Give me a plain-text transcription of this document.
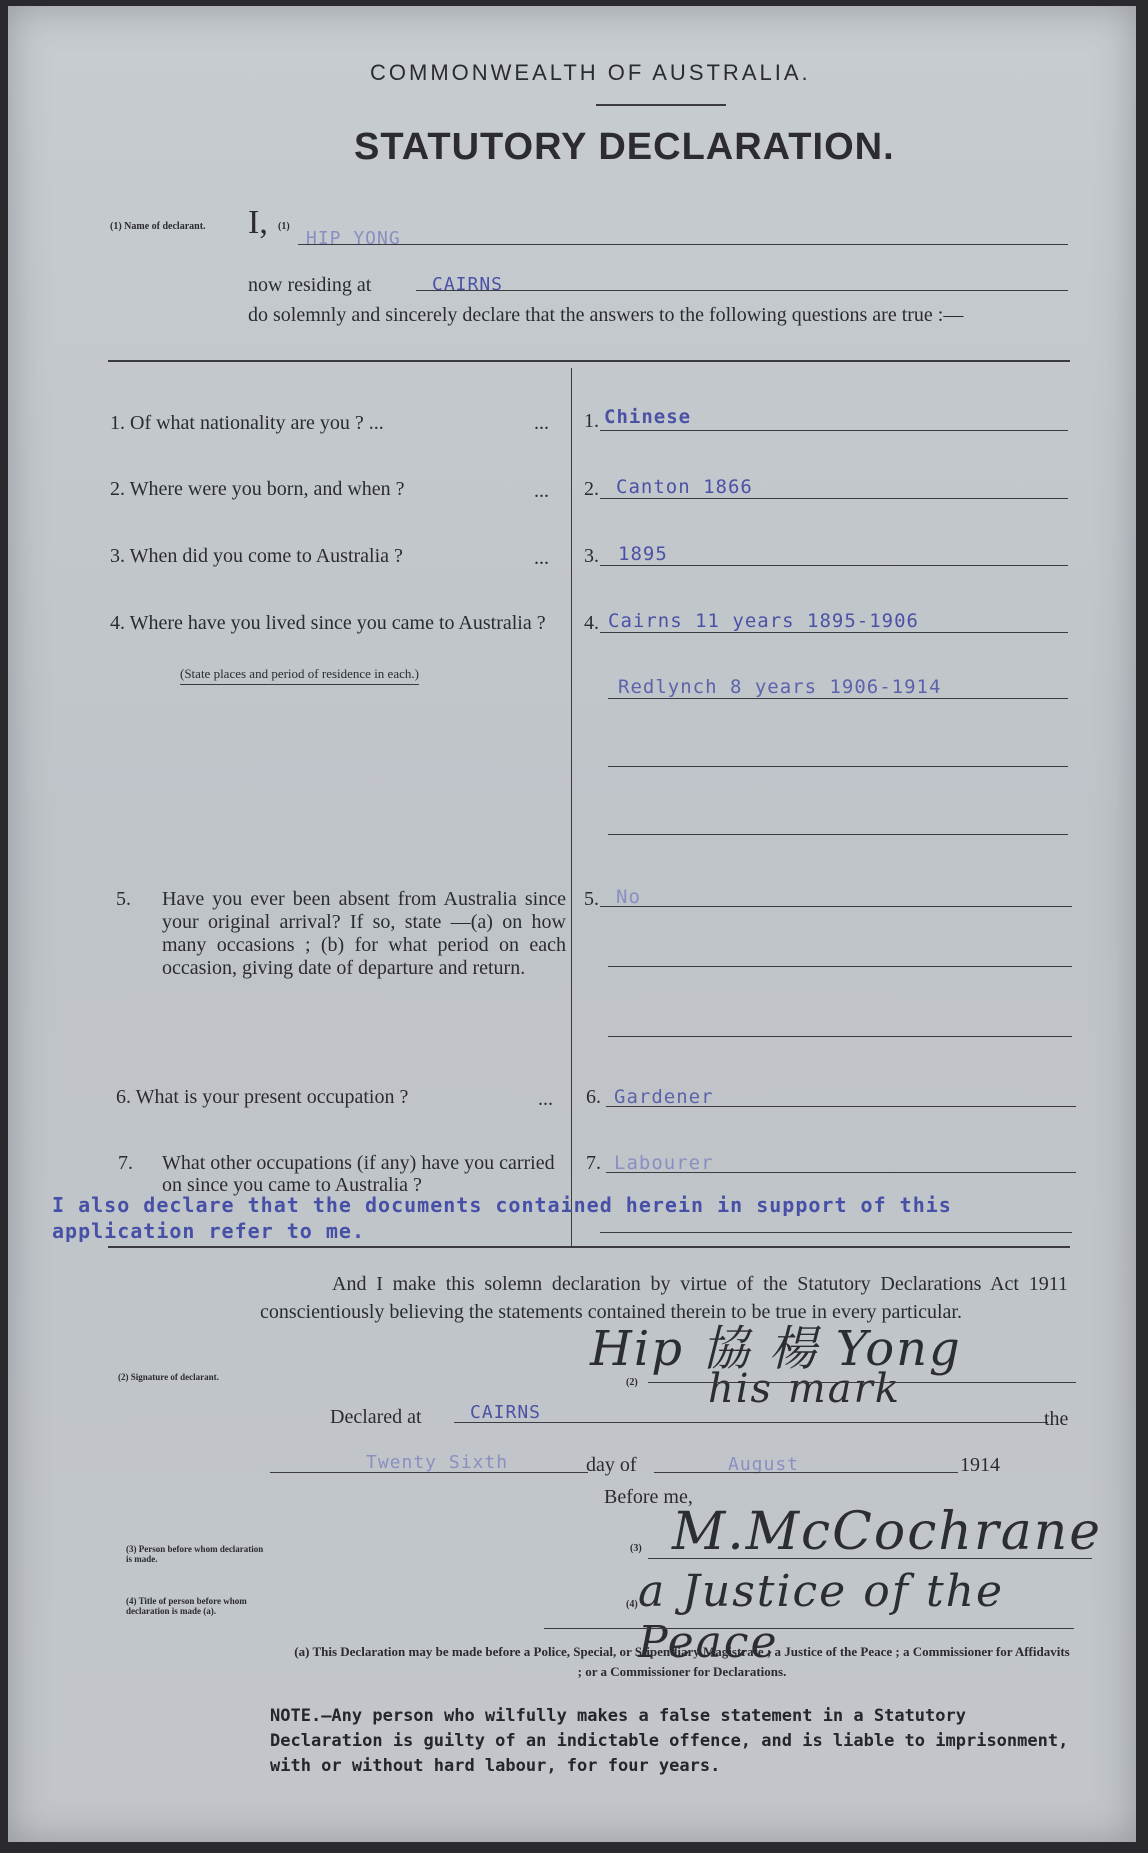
COMMONWEALTH OF AUSTRALIA.
STATUTORY DECLARATION.
(1) Name of declarant. I, (1)
HIP YONG
now residing at	CAIRNS
do solemnly and sincerely declare that the answers to the following questions are true :—
1. Of what nationality are you ? ...	... 1. Chinese
2. Where were you born, and when ?	... 2. Canton 1866
3. When did you come to Australia ?	... 3. 1895
4. Where have you lived since you came to Australia ?
(State places and period of residence in each.)
4. Cairns 11 years 1895-1906
Redlynch 8 years 1906-1914
5. Have you ever been absent from Australia since your original arrival? If so, state —(a) on how many occasions ; (b) for what period on each occasion, giving date of departure and return.
5. No
6. What is your present occupation ?	... 6. Gardener
7. What other occupations (if any) have you carried on since you came to Australia ?
7. Labourer
I also declare that the documents contained herein in support of this application refer to me.
And I make this solemn declaration by virtue of the Statutory Declarations Act 1911 conscientiously believing the statements contained therein to be true in every particular.
(2) Signature of declarant.	(2)
Hip 協 楊 Yong
his mark
Declared at	CAIRNS	the
Twenty Sixth	day of	August	1914
Before me,
(3) Person before whom declaration is made.
(3) M.McCochrane
(4) Title of person before whom declaration is made (a).
(4) a Justice of the Peace
(a) This Declaration may be made before a Police, Special, or Stipendiary Magistrate ; a Justice of the Peace ; a Commissioner for Affidavits ; or a Commissioner for Declarations.
NOTE.—Any person who wilfully makes a false statement in a Statutory Declaration is guilty of an indictable offence, and is liable to imprisonment, with or without hard labour, for four years.
